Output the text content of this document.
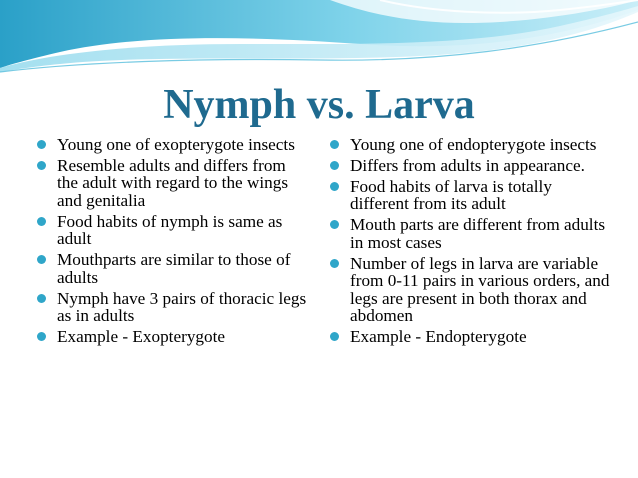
Nymph vs. Larva
Young one of exopterygote insects
Resemble adults and differs from the adult with regard to the wings and genitalia
Food habits of nymph is same as adult
Mouthparts are similar to those of adults
Nymph have 3 pairs of thoracic legs as in adults
Example - Exopterygote
Young one of endopterygote insects
Differs from adults in appearance.
Food habits of larva is totally different from its adult
Mouth parts are different from adults in most cases
Number of legs in larva are variable from 0-11 pairs in various orders, and legs are present in both thorax and abdomen
Example - Endopterygote
